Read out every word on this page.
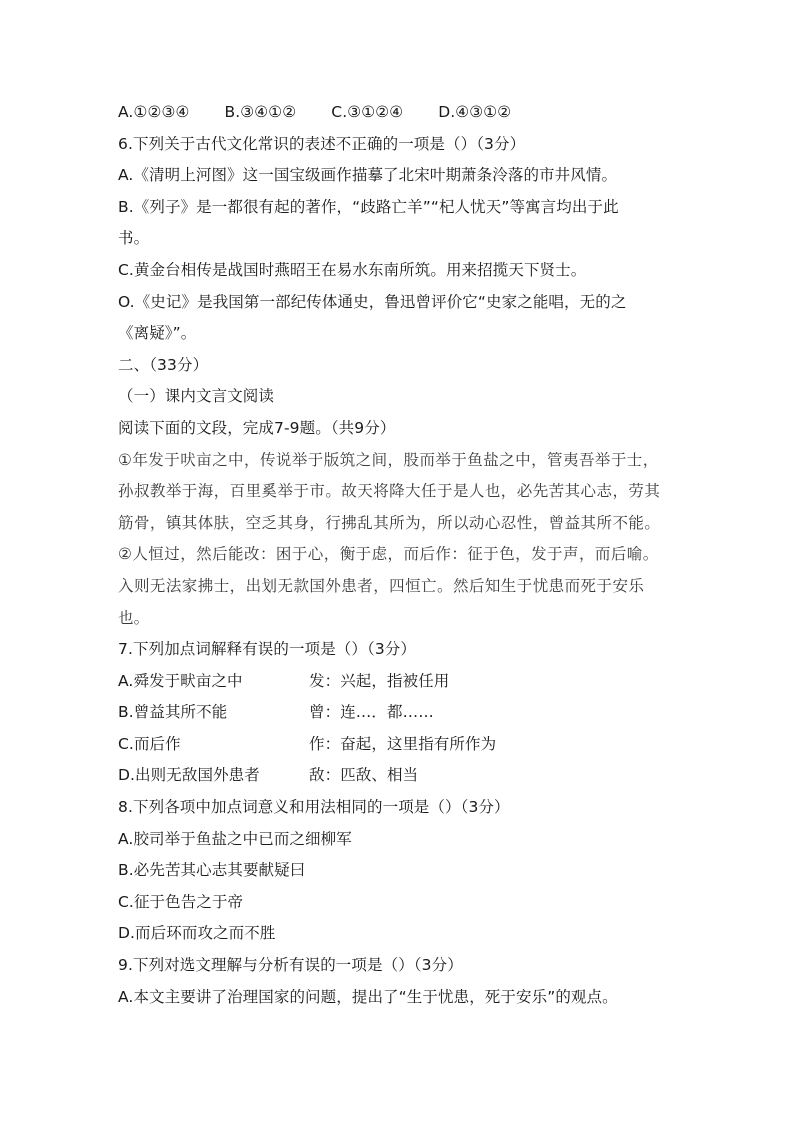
A.①②③④ B.③④①② C.③①②④ D.④③①②
6.下列关于古代文化常识的表述不正确的一项是（）（3分）
A.《清明上河图》这一国宝级画作描摹了北宋叶期萧条泠落的市井风情。
B.《列子》是一都很有起的著作，“歧路亡羊”“杞人忧天”等寓言均出于此
书。
C.黄金台相传是战国时燕昭王在易水东南所筑。用来招揽天下贤士。
O.《史记》是我国第一部纪传体通史，鲁迅曾评价它“史家之能唱，无的之
《离疑》”。
二、（33分）
（一）课内文言文阅读
阅读下面的文段，完成7-9题。（共9分）
①年发于吠亩之中，传说举于版筑之间，股而举于鱼盐之中，管夷吾举于士，
孙叔教举于海，百里奚举于市。故天将降大任于是人也，必先苦其心志，劳其
筋骨，镇其体肤，空乏其身，行拂乱其所为，所以动心忍性，曾益其所不能。
②人恒过，然后能改：困于心，衡于虑，而后作：征于色，发于声，而后喻。
入则无法家拂士，出划无款国外患者，四恒亡。然后知生于忧患而死于安乐
也。
7.下列加点词解释有误的一项是（）（3分）
A.舜发于畎亩之中	发：兴起，指被任用
B.曾益其所不能	曾：连…．都……
C.而后作	作：奋起，这里指有所作为
D.出则无敌国外患者	敌：匹敌、相当
8.下列各项中加点词意义和用法相同的一项是（）（3分）
A.胶司举于鱼盐之中已而之细柳军
B.必先苦其心志其要献疑曰
C.征于色告之于帝
D.而后环而攻之而不胜
9.下列对选文理解与分析有误的一项是（）（3分）
A.本文主要讲了治理国家的问题，提出了“生于忧患，死于安乐”的观点。
